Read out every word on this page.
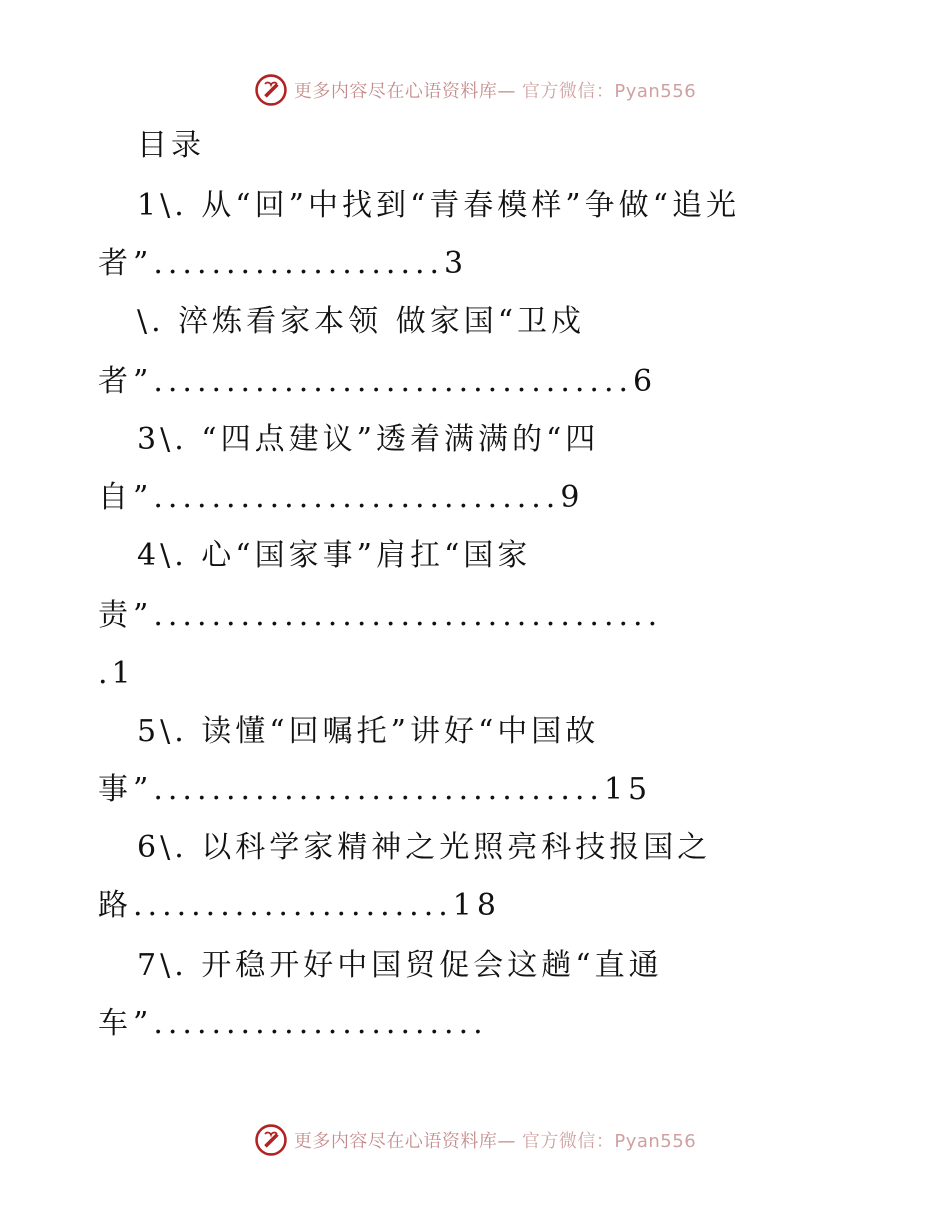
更多内容尽在心语资料库— 官方微信：Pyan556
目录
1\. 从“回”中找到“青春模样”争做“追光
者”....................3
\. 淬炼看家本领 做家国“卫戍
者”.................................6
3\. “四点建议”透着满满的“四
自”............................9
4\. 心“国家事”肩扛“国家
责”...................................
.1
5\. 读懂“回嘱托”讲好“中国故
事”...............................15
6\. 以科学家精神之光照亮科技报国之
路......................18
7\. 开稳开好中国贸促会这趟“直通
车”.......................
更多内容尽在心语资料库— 官方微信：Pyan556
